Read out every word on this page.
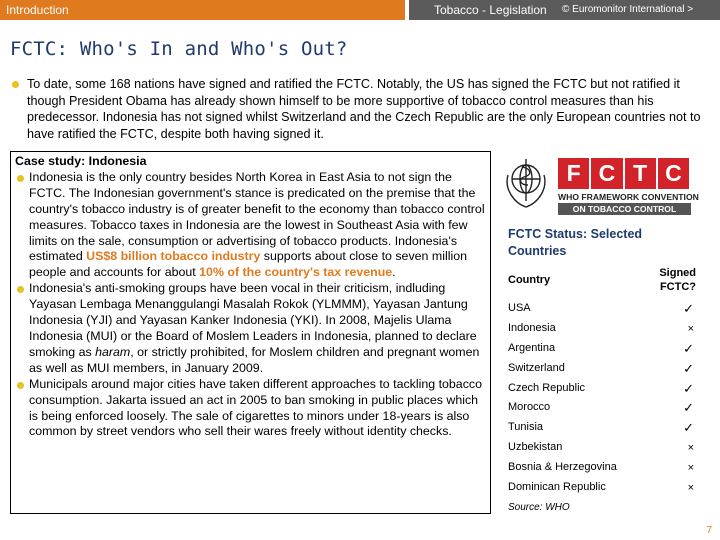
Introduction	Tobacco - Legislation © Euromonitor International >
FCTC: Who's In and Who's Out?
To date, some 168 nations have signed and ratified the FCTC. Notably, the US has signed the FCTC but not ratified it though President Obama has already shown himself to be more supportive of tobacco control measures than his predecessor. Indonesia has not signed whilst Switzerland and the Czech Republic are the only European countries not to have ratified the FCTC, despite both having signed it.
Case study: Indonesia
Indonesia is the only country besides North Korea in East Asia to not sign the FCTC. The Indonesian government's stance is predicated on the premise that the country's tobacco industry is of greater benefit to the economy than tobacco control measures. Tobacco taxes in Indonesia are the lowest in Southeast Asia with few limits on the sale, consumption or advertising of tobacco products. Indonesia's estimated US$8 billion tobacco industry supports about close to seven million people and accounts for about 10% of the country's tax revenue.
Indonesia's anti-smoking groups have been vocal in their criticism, indluding Yayasan Lembaga Menanggulangi Masalah Rokok (YLMMM), Yayasan Jantung Indonesia (YJI) and Yayasan Kanker Indonesia (YKI). In 2008, Majelis Ulama Indonesia (MUI) or the Board of Moslem Leaders in Indonesia, planned to declare smoking as haram, or strictly prohibited, for Moslem children and pregnant women as well as MUI members, in January 2009.
Municipals around major cities have taken different approaches to tackling tobacco consumption. Jakarta issued an act in 2005 to ban smoking in public places which is being enforced loosely. The sale of cigarettes to minors under 18-years is also common by street vendors who sell their wares freely without identity checks.
F C T C
WHO FRAMEWORK CONVENTION
ON TOBACCO CONTROL
FCTC Status: Selected
Countries
Country
Signed
FCTC?
USA	✓
Indonesia	×
Argentina	✓
Switzerland	✓
Czech Republic	✓
Morocco	✓
Tunisia	✓
Uzbekistan	×
Bosnia & Herzegovina	×
Dominican Republic	×
Source: WHO
7
